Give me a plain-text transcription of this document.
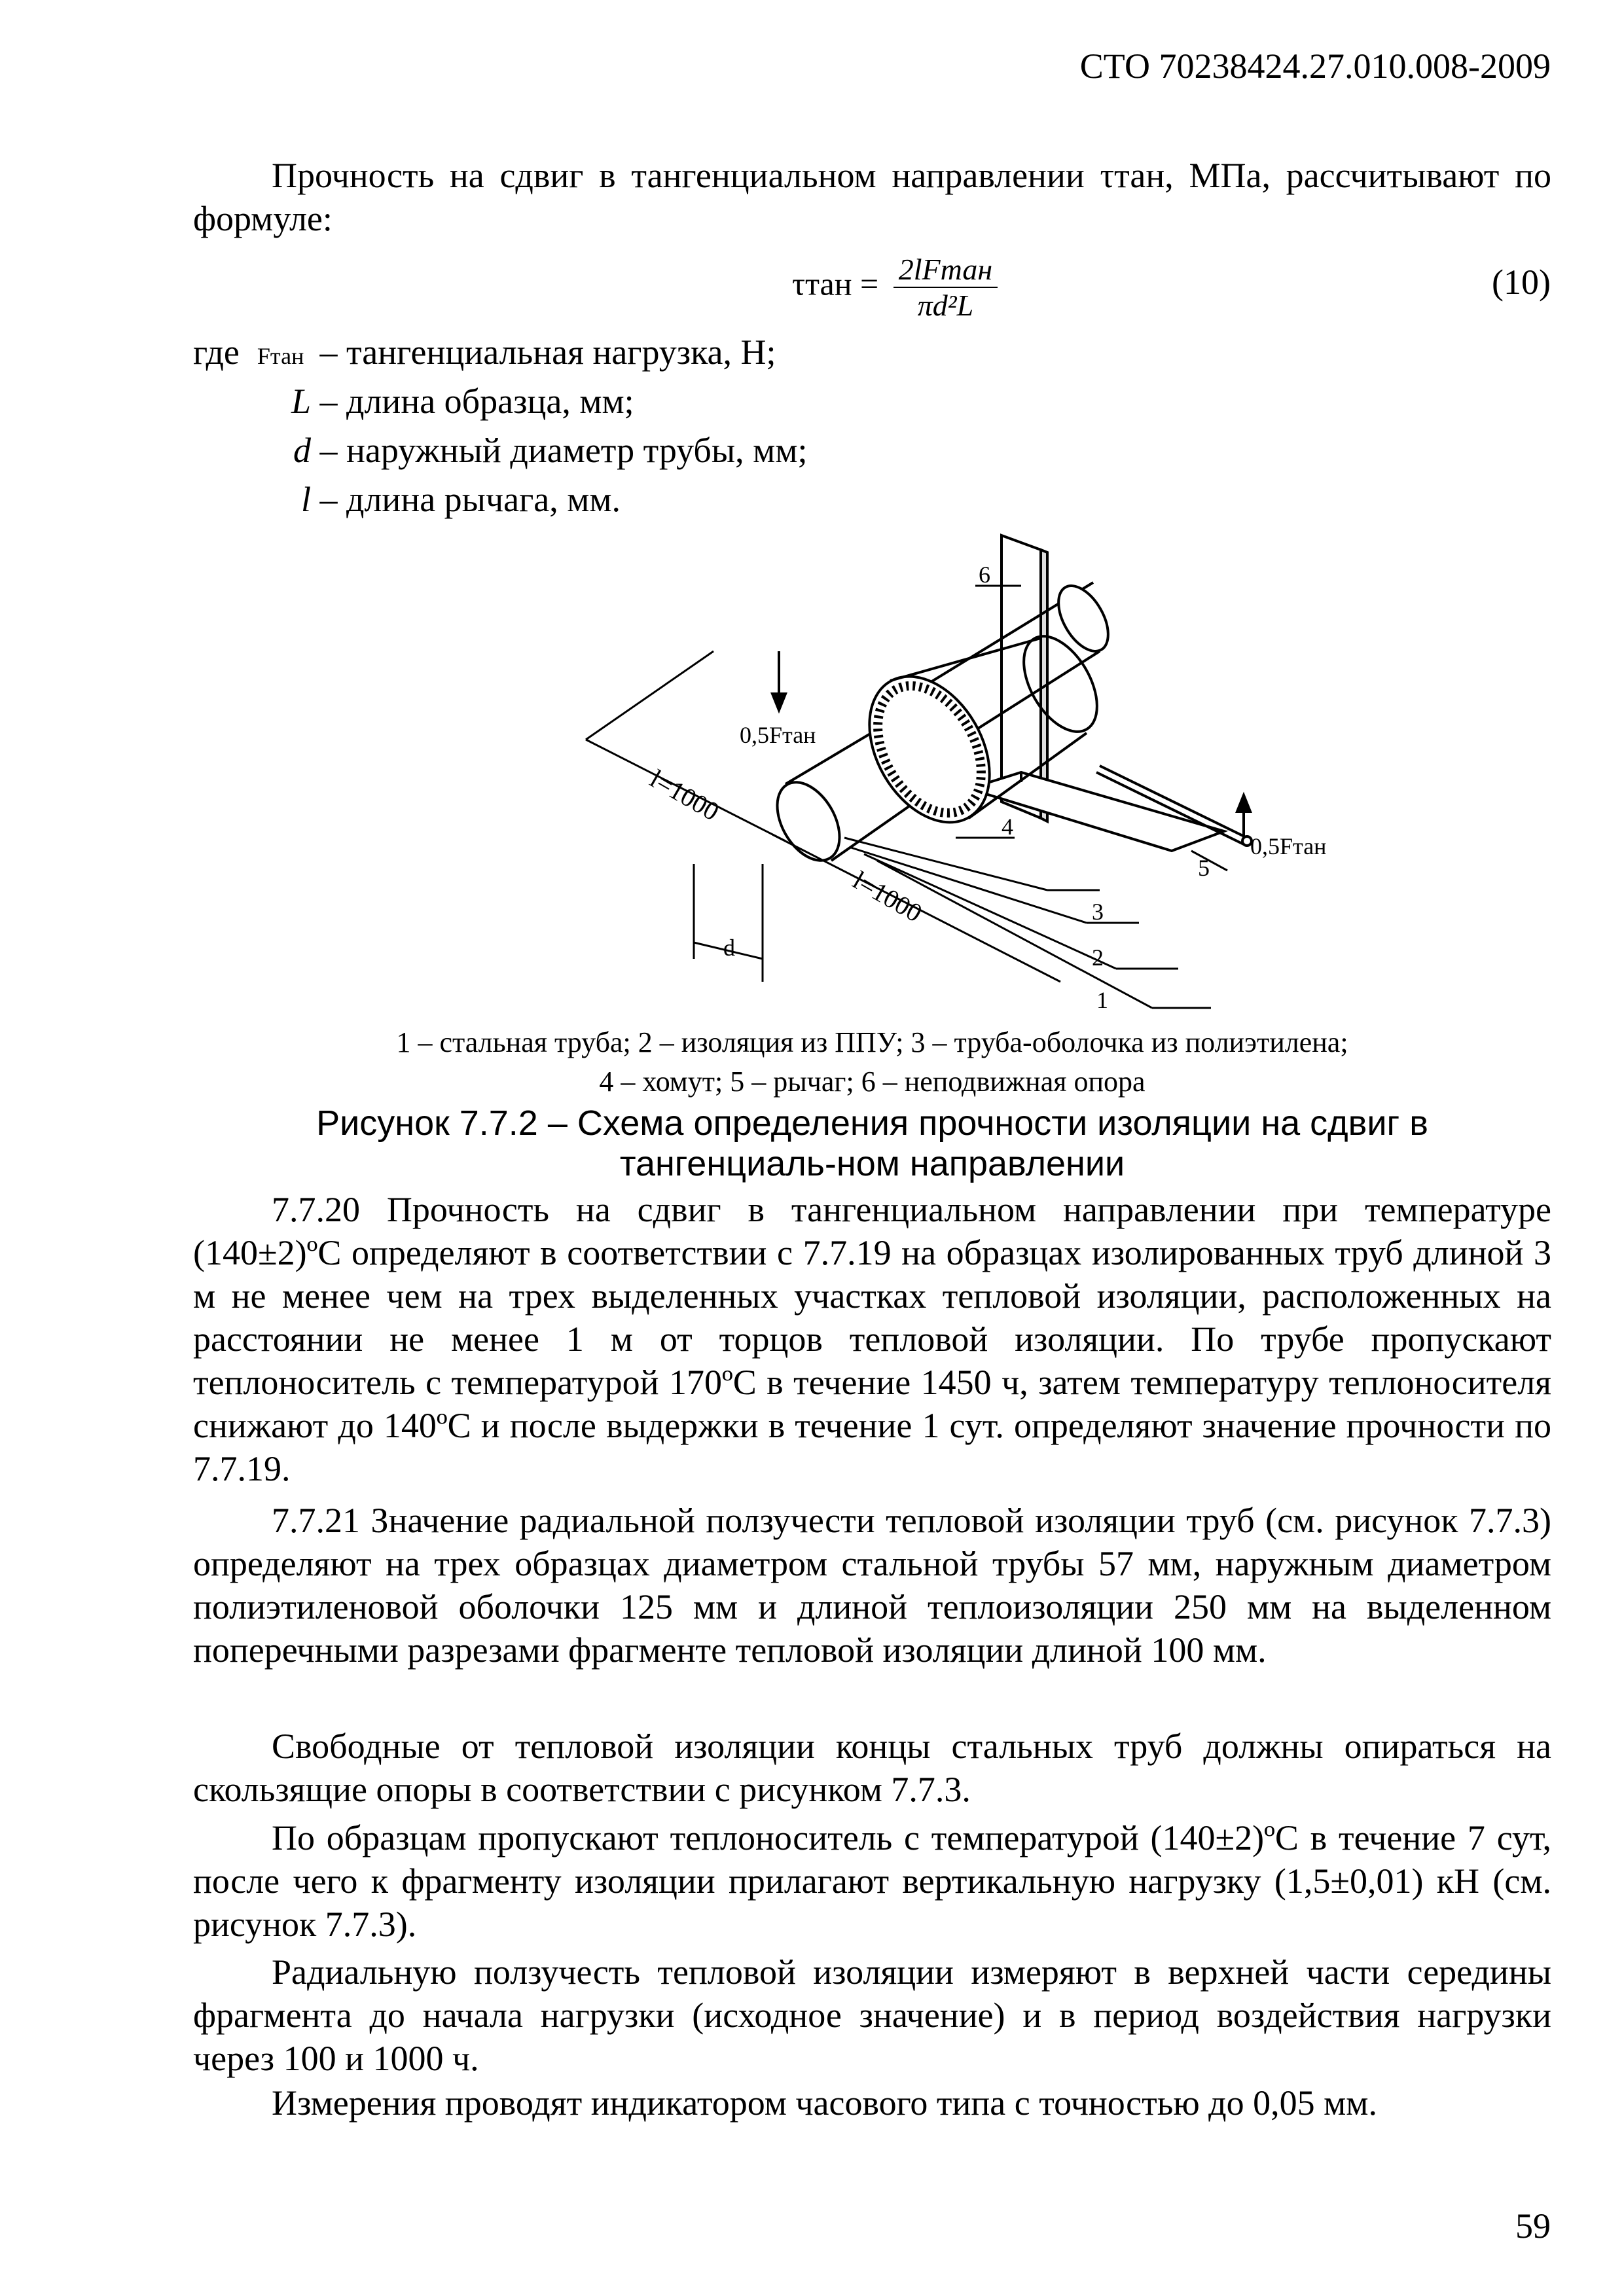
СТО 70238424.27.010.008-2009
Прочность на сдвиг в тангенциальном направлении τтан, МПа, рассчитывают по формуле:
$\tau тан = \frac{\text{2lFтан}}{\text{πd²L}}$	(10)
где Fтан – тангенциальная нагрузка, Н;
L – длина образца, мм;
d – наружный диаметр трубы, мм;
l – длина рычага, мм.
0,5Fтан
0,5Fтан
l=1000
l=1000
d
1
2
3
4
5
6
1 – стальная труба; 2 – изоляция из ППУ; 3 – труба-оболочка из полиэтилена;
4 – хомут; 5 – рычаг; 6 – неподвижная опора
Рисунок 7.7.2 – Схема определения прочности изоляции на сдвиг в тангенциаль-ном направлении
7.7.20 Прочность на сдвиг в тангенциальном направлении при температуре (140±2)ºС определяют в соответствии с 7.7.19 на образцах изолированных труб длиной 3 м не менее чем на трех выделенных участках тепловой изоляции, расположенных на расстоянии не менее 1 м от торцов тепловой изоляции. По трубе пропускают теплоноситель с температурой 170ºС в течение 1450 ч, затем температуру теплоносителя снижают до 140ºС и после выдержки в течение 1 сут. определяют значение прочности по 7.7.19.
7.7.21 Значение радиальной ползучести тепловой изоляции труб (см. рисунок 7.7.3) определяют на трех образцах диаметром стальной трубы 57 мм, наружным диаметром полиэтиленовой оболочки 125 мм и длиной теплоизоляции 250 мм на выделенном поперечными разрезами фрагменте тепловой изоляции длиной 100 мм.
Свободные от тепловой изоляции концы стальных труб должны опираться на скользящие опоры в соответствии с рисунком 7.7.3.
По образцам пропускают теплоноситель с температурой (140±2)ºС в течение 7 сут, после чего к фрагменту изоляции прилагают вертикальную нагрузку (1,5±0,01) кН (см. рисунок 7.7.3).
Радиальную ползучесть тепловой изоляции измеряют в верхней части середины фрагмента до начала нагрузки (исходное значение) и в период воздействия нагрузки через 100 и 1000 ч.
Измерения проводят индикатором часового типа с точностью до 0,05 мм.
59
